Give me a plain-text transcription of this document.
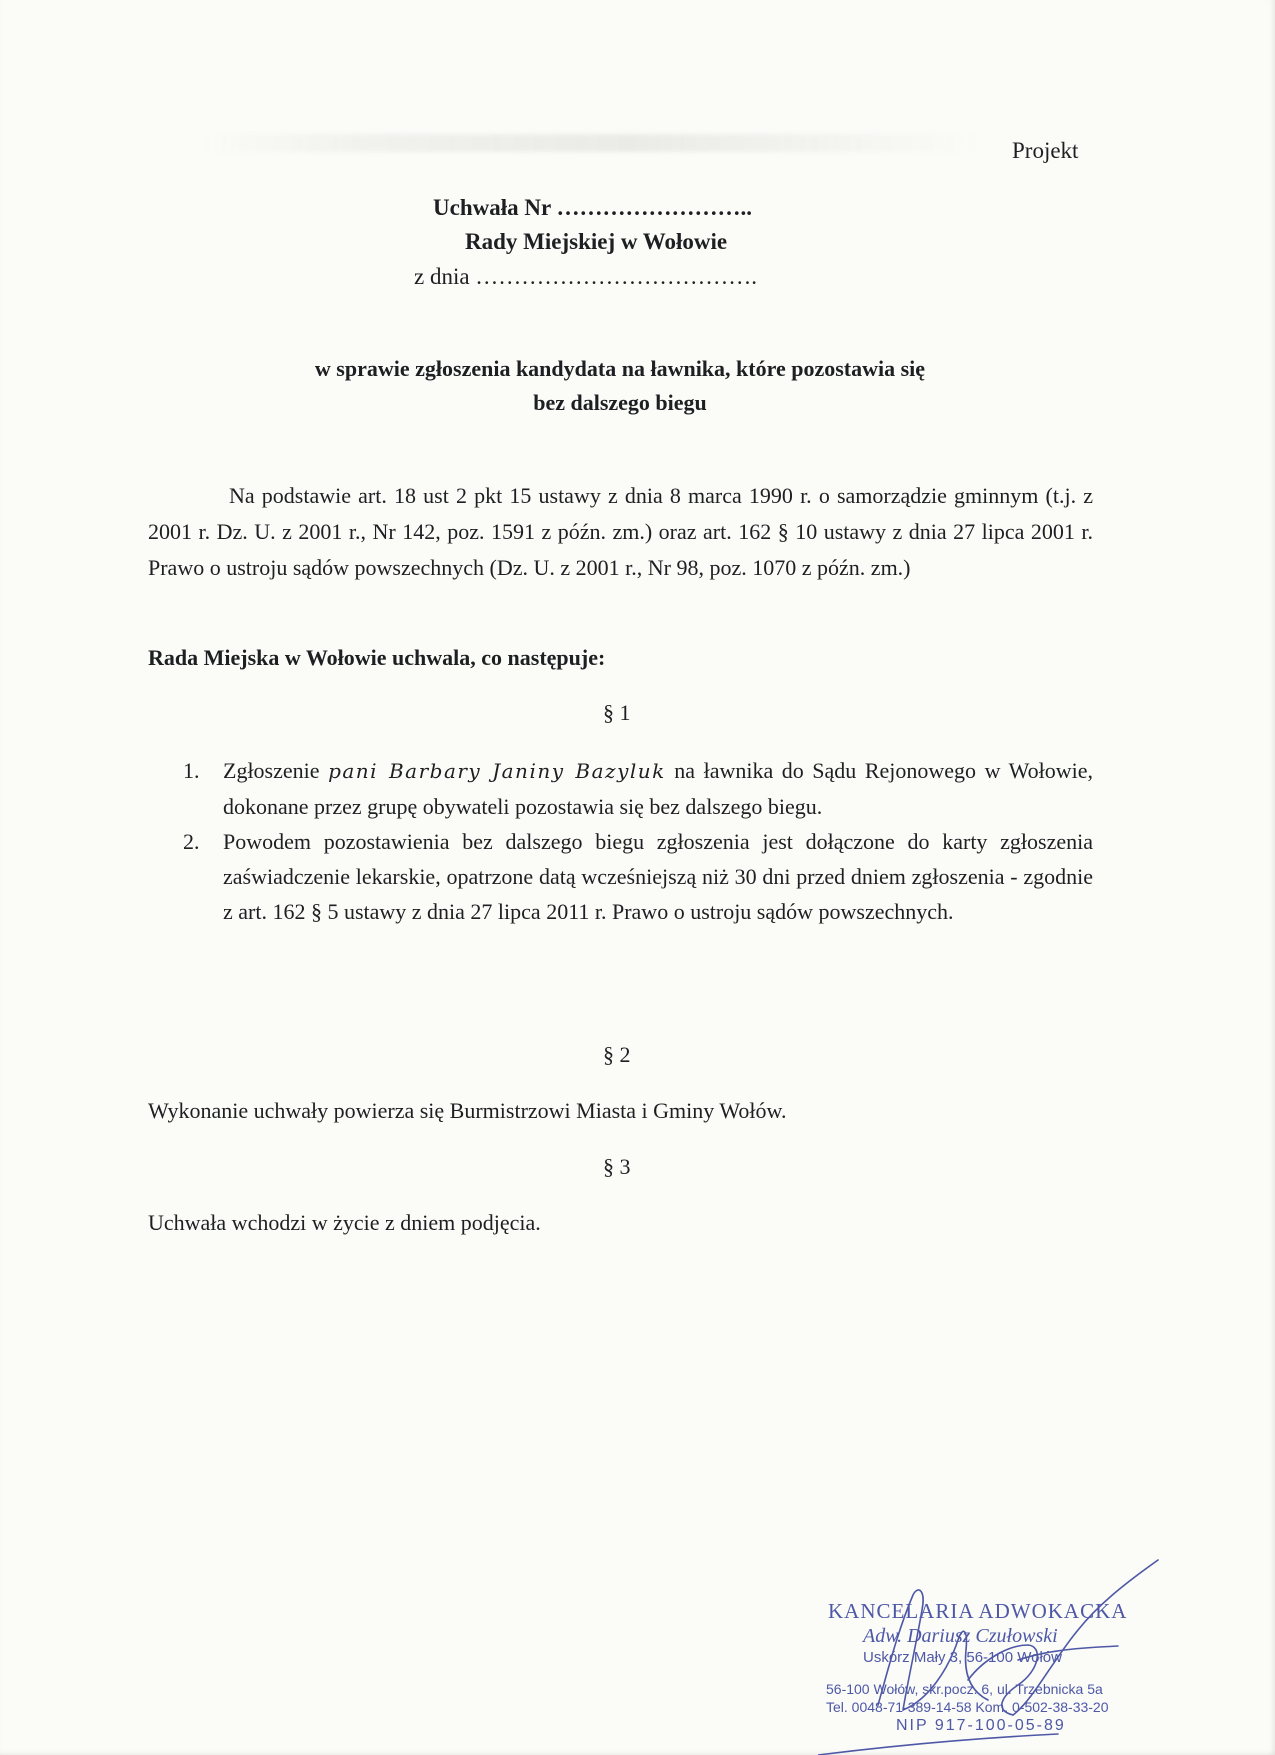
Projekt

Uchwała Nr ……………………..

Rady Miejskiej w Wołowie

z dnia ……………………………….

w sprawie zgłoszenia kandydata na ławnika, które pozostawia się
bez dalszego biegu

Na podstawie art. 18 ust 2 pkt 15 ustawy z dnia 8 marca 1990 r. o samorządzie gminnym (t.j. z 2001 r. Dz. U. z 2001 r., Nr 142, poz. 1591 z późn. zm.) oraz art. 162 § 10 ustawy z dnia 27 lipca 2001 r. Prawo o ustroju sądów powszechnych (Dz. U. z 2001 r., Nr 98, poz. 1070 z późn. zm.)

Rada Miejska w Wołowie uchwala, co następuje:

§ 1

1.	Zgłoszenie pani Barbary Janiny Bazyluk na ławnika do Sądu Rejonowego w Wołowie, dokonane przez grupę obywateli pozostawia się bez dalszego biegu.
2.	Powodem pozostawienia bez dalszego biegu zgłoszenia jest dołączone do karty zgłoszenia zaświadczenie lekarskie, opatrzone datą wcześniejszą niż 30 dni przed dniem zgłoszenia - zgodnie z art. 162 § 5 ustawy z dnia 27 lipca 2011 r. Prawo o ustroju sądów powszechnych.

§ 2

Wykonanie uchwały powierza się Burmistrzowi Miasta i Gminy Wołów.

§ 3

Uchwała wchodzi w życie z dniem podjęcia.

KANCELARIA ADWOKACKA
Adw. Dariusz Czułowski
Uskórz Mały 3, 56-100 Wołów
56-100 Wołów, skr.pocz. 6, ul. Trzebnicka 5a
Tel. 0048-71-389-14-58 Kom. 0-502-38-33-20
NIP 917-100-05-89
